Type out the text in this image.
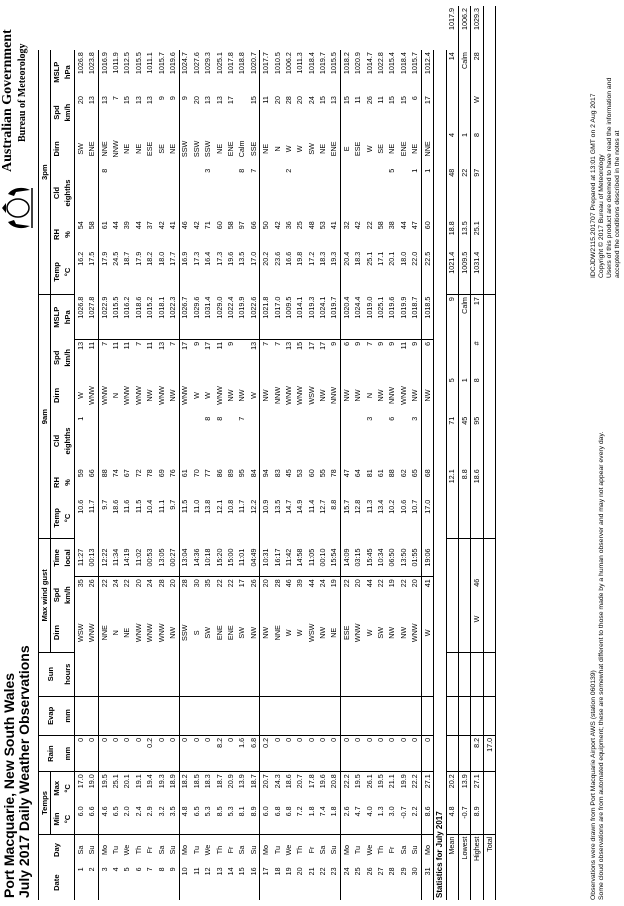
Port Macquarie, New South Wales July 2017 Daily Weather Observations
Australian Government Bureau of Meteorology
Date	Day	Temps		Rain	Evap	Sun	Max wind gust			9am						3pm						
		Min	Max				Dirn	Spd	Time	Temp	RH	Cld	Dirn	Spd	MSLP	Temp	RH	Cld	Dirn	Spd	MSLP	
		°C	°C	mm	mm	hours		km/h	local	°C	%	eighths		km/h	hPa	°C	%	eighths		km/h	hPa	
1	Sa	6.0	17.0	0			WSW	35	11:27	10.6	59	1	W	13	1026.8	16.2	54		SW	20	1026.8	
2	Su	6.6	19.0	0			WNW	26	00:13	11.7	66		WNW	11	1027.8	17.5	58		ENE	13	1023.8	
3	Mo	4.6	19.5	0			NNE	22	12:22	9.7	88		WNW	7	1022.9	17.9	61	8	NNE	13	1016.9	
4	Tu	6.5	25.1	0			N	24	11:34	18.6	74		N	11	1015.5	24.5	44		NNW	7	1011.9	
5	We	2.0	20.1	0			NE	22	14:19	11.6	67		WNW	11	1016.2	18.7	39		NE	15	1012.5	
6	Th	2.4	19.1	0			WNW	20	11:02	11.5	72		WNW	7	1018.6	17.9	44		NE	13	1015.5	
7	Fr	2.9	19.4	0.2			WNW	24	00:53	10.4	78		NW	11	1015.2	18.2	37		ESE	13	1011.1	
8	Sa	3.2	19.3	0			WNW	28	13:05	11.1	69		WNW	13	1018.1	18.0	42		SE	9	1015.7	
9	Su	3.5	18.9	0			NW	20	00:27	9.7	76		NW	7	1022.3	17.7	41		NE	9	1019.6	
10	Mo	4.8	18.2	0			SSW	28	13:04	11.5	61		WNW	17	1026.7	16.9	46		SSW	9	1024.7	
11	Tu	6.5	18.5	0			S	30	14:36	11.0	70		W	9	1029.6	17.3	42		SSW	20	1027.6	
12	We	5.3	18.3	0			SW	35	10:18	13.8	77	8	W	17	1031.4	16.4	71	3	SSW	13	1029.3	
13	Th	8.5	18.7	8.2			ENE	22	15:20	12.1	86	8	WNW	11	1029.0	17.3	60		NE	13	1025.1	
14	Fr	5.3	20.9	0			ENE	22	15:00	10.8	89		NW	9	1022.4	19.6	58		ENE	17	1017.8	
15	Sa	8.1	13.9	1.6			SW	17	11:01	11.7	95	7	NW		1019.9	13.5	97	8	Calm		1018.8	
16	Su	8.9	18.7	6.8			NW	26	04:49	12.2	84		W	13	1022.6	17.0	66	7	SSE	15	1020.7	
17	Mo	6.0	20.7	0.2			NW	20	10:31	10.9	94		NW	7	1021.8	20.2	50		NE	11	1017.7	
18	Tu	6.8	24.3	0			NNE	28	16:17	13.5	83		NNW	7	1017.0	23.6	42		N	20	1010.5	
19	We	6.8	18.6	0			W	46	11:42	14.7	45		WNW	13	1009.5	16.6	36	2	W	28	1006.2	
20	Th	7.2	20.7	0			W	39	14:58	14.9	53		WNW	15	1014.1	19.8	25		W	20	1011.3	
21	Fr	1.8	17.8	0			WSW	44	11:05	11.4	60		WSW	17	1019.3	17.2	48		SW	24	1018.4	
22	Sa	7.4	19.6	0			NW	24	00:10	12.7	55		NW	17	1024.1	18.3	53		NE	15	1019.7	
23	Su	1.8	20.8	0			NE	19	15:54	8.8	78		NNW	9	1019.7	19.3	41		ENE	13	1015.5	
24	Mo	2.6	22.2	0			ESE	22	14:09	15.7	47		NW	6	1020.4	20.4	32		E	15	1018.2	
25	Tu	4.7	19.5	0			WNW	20	03:15	12.8	64		NW	9	1024.4	18.3	42		ESE	11	1020.9	
26	We	4.0	26.1	0			W	44	15:45	11.3	81	3	N	7	1019.0	25.1	22		W	26	1014.7	
27	Th	1.3	19.5	0			SW	22	10:34	13.4	61		NW	9	1025.1	17.1	58		SE	11	1022.8	
28	Fr	3.0	21.1	0			NW	19	06:50	10.2	88	6	NNW	9	1019.6	20.1	38	5	NE	15	1015.4	
29	Sa	-0.7	19.9	0			NW	22	13:50	10.6	62		WNW	11	1019.9	18.0	44		ENE	15	1018.4	
30	Su	2.2	22.2	0			WNW	20	01:55	10.7	65	3	NW	9	1018.7	22.0	47	1	NE	6	1015.7	
31	Mo	8.6	27.1	0			W	41	19:06	17.0	68		NW	6	1018.5	22.5	60	1	NNE	17	1012.4	
Statistics for July 2017																						
Mean		4.8	20.2								12.1	71	5		9	1021.4	18.8	48	4		14	1017.9
Lowest		-0.7	13.9								8.8	45	1		Calm	1009.5	13.5	22	1		Calm	1006.2
Highest		8.9	27.1	8.2			W	46			18.6	95	8	#	17	1031.4	25.1	97	8	W	28	1029.3
Total				17.0																			Observations were drawn from Port Macquarie Airport AWS (station 060139) Some cloud observations are from automated equipment; these are somewhat different to those made by a human observer and may not appear every day.
IDCJDW2115.201707 Prepared at 13:01 GMT on 2 Aug 2017 Copyright © 2017 Bureau of Meteorology Users of this product are deemed to have read the information and accepted the conditions described in the notes at
